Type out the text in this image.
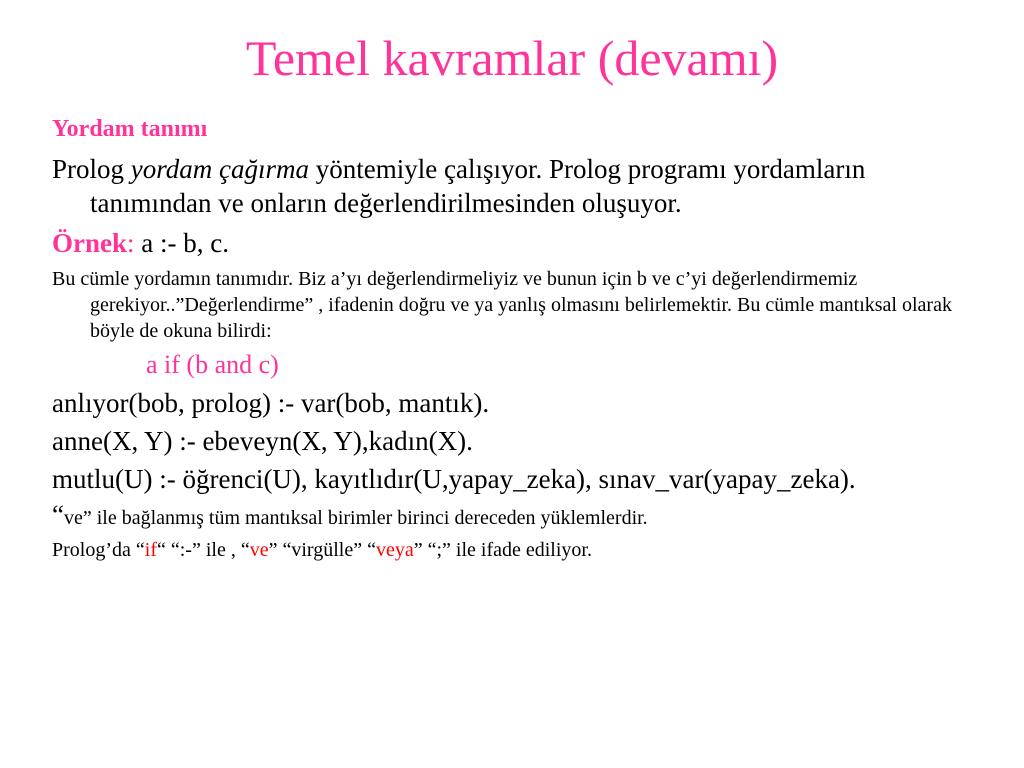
Temel kavramlar (devamı)
Yordam tanımı
Prolog yordam çağırma yöntemiyle çalışıyor. Prolog programı yordamların tanımından ve onların değerlendirilmesinden oluşuyor.
Örnek: a :- b, c.
Bu cümle yordamın tanımıdır. Biz a’yı değerlendirmeliyiz ve bunun için b ve c’yi değerlendirmemiz gerekiyor..”Değerlendirme” , ifadenin doğru ve ya yanlış olmasını belirlemektir. Bu cümle mantıksal olarak böyle de okuna bilirdi:
a if (b and c)
anlıyor(bob, prolog) :- var(bob, mantık).
anne(X, Y) :- ebeveyn(X, Y),kadın(X).
mutlu(U) :- öğrenci(U), kayıtlıdır(U,yapay_zeka), sınav_var(yapay_zeka).
“ve” ile bağlanmış tüm mantıksal birimler birinci dereceden yüklemlerdir.
Prolog’da “if“ “:-” ile , “ve” “virgülle” “veya” “;” ile ifade ediliyor.
